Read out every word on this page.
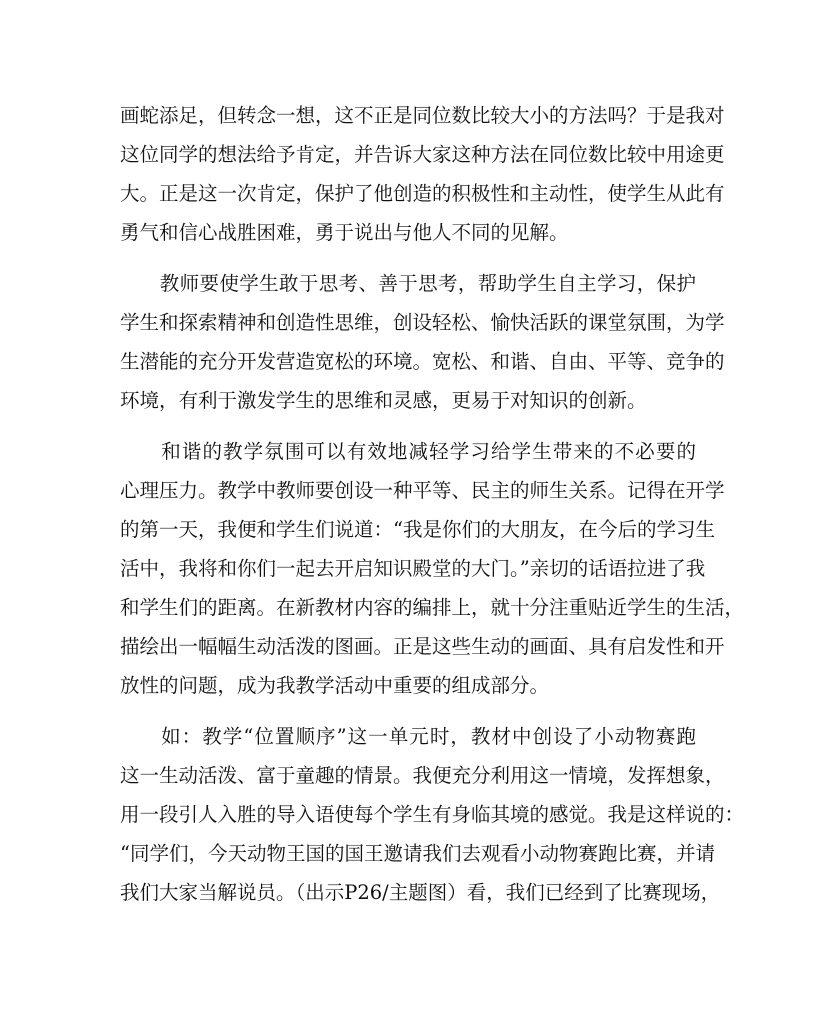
画蛇添足，但转念一想，这不正是同位数比较大小的方法吗？于是我对
这位同学的想法给予肯定，并告诉大家这种方法在同位数比较中用途更
大。正是这一次肯定，保护了他创造的积极性和主动性，使学生从此有
勇气和信心战胜困难，勇于说出与他人不同的见解。
　　教师要使学生敢于思考、善于思考，帮助学生自主学习，保护
学生和探索精神和创造性思维，创设轻松、愉快活跃的课堂氛围，为学
生潜能的充分开发营造宽松的环境。宽松、和谐、自由、平等、竞争的
环境，有利于激发学生的思维和灵感，更易于对知识的创新。
　　和谐的教学氛围可以有效地减轻学习给学生带来的不必要的
心理压力。教学中教师要创设一种平等、民主的师生关系。记得在开学
的第一天，我便和学生们说道：“我是你们的大朋友，在今后的学习生
活中，我将和你们一起去开启知识殿堂的大门。”亲切的话语拉进了我
和学生们的距离。在新教材内容的编排上，就十分注重贴近学生的生活，
描绘出一幅幅生动活泼的图画。正是这些生动的画面、具有启发性和开
放性的问题，成为我教学活动中重要的组成部分。
　　如：教学“位置顺序”这一单元时，教材中创设了小动物赛跑
这一生动活泼、富于童趣的情景。我便充分利用这一情境，发挥想象，
用一段引人入胜的导入语使每个学生有身临其境的感觉。我是这样说的：
“同学们，今天动物王国的国王邀请我们去观看小动物赛跑比赛，并请
我们大家当解说员。（出示P26/主题图）看，我们已经到了比赛现场，
